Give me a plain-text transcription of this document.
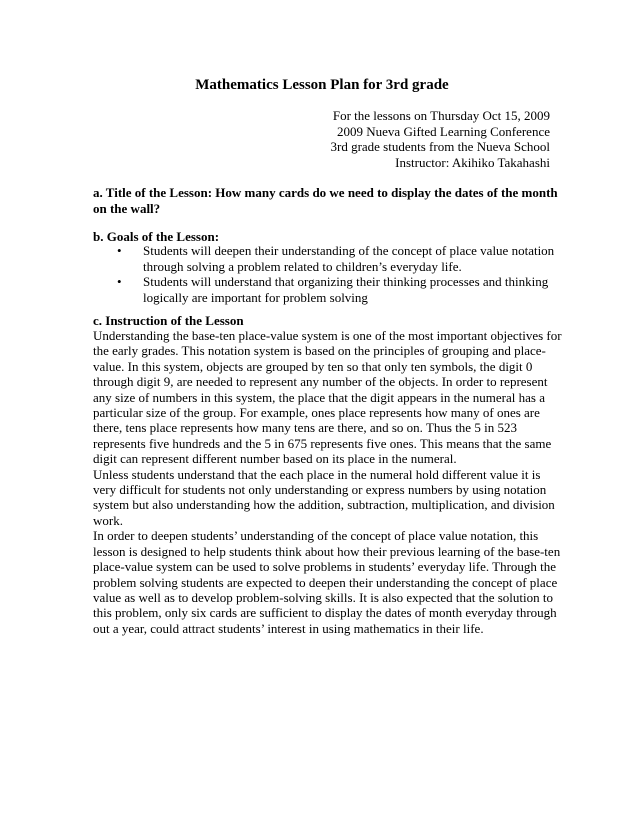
Mathematics Lesson Plan for 3rd grade
For the lessons on Thursday Oct 15, 2009
2009 Nueva Gifted Learning Conference
3rd grade students from the Nueva School
Instructor: Akihiko Takahashi
a. Title of the Lesson: How many cards do we need to display the dates of the month on the wall?
b. Goals of the Lesson:
• Students will deepen their understanding of the concept of place value notation through solving a problem related to children’s everyday life.
• Students will understand that organizing their thinking processes and thinking logically are important for problem solving
c. Instruction of the Lesson

Understanding the base-ten place-value system is one of the most important objectives for the early grades. This notation system is based on the principles of grouping and place-value. In this system, objects are grouped by ten so that only ten symbols, the digit 0 through digit 9, are needed to represent any number of the objects. In order to represent any size of numbers in this system, the place that the digit appears in the numeral has a particular size of the group. For example, ones place represents how many of ones are there, tens place represents how many tens are there, and so on. Thus the 5 in 523 represents five hundreds and the 5 in 675 represents five ones. This means that the same digit can represent different number based on its place in the numeral.

Unless students understand that the each place in the numeral hold different value it is very difficult for students not only understanding or express numbers by using notation system but also understanding how the addition, subtraction, multiplication, and division work.

In order to deepen students’ understanding of the concept of place value notation, this lesson is designed to help students think about how their previous learning of the base-ten place-value system can be used to solve problems in students’ everyday life. Through the problem solving students are expected to deepen their understanding the concept of place value as well as to develop problem-solving skills. It is also expected that the solution to this problem, only six cards are sufficient to display the dates of month everyday through out a year, could attract students’ interest in using mathematics in their life.
